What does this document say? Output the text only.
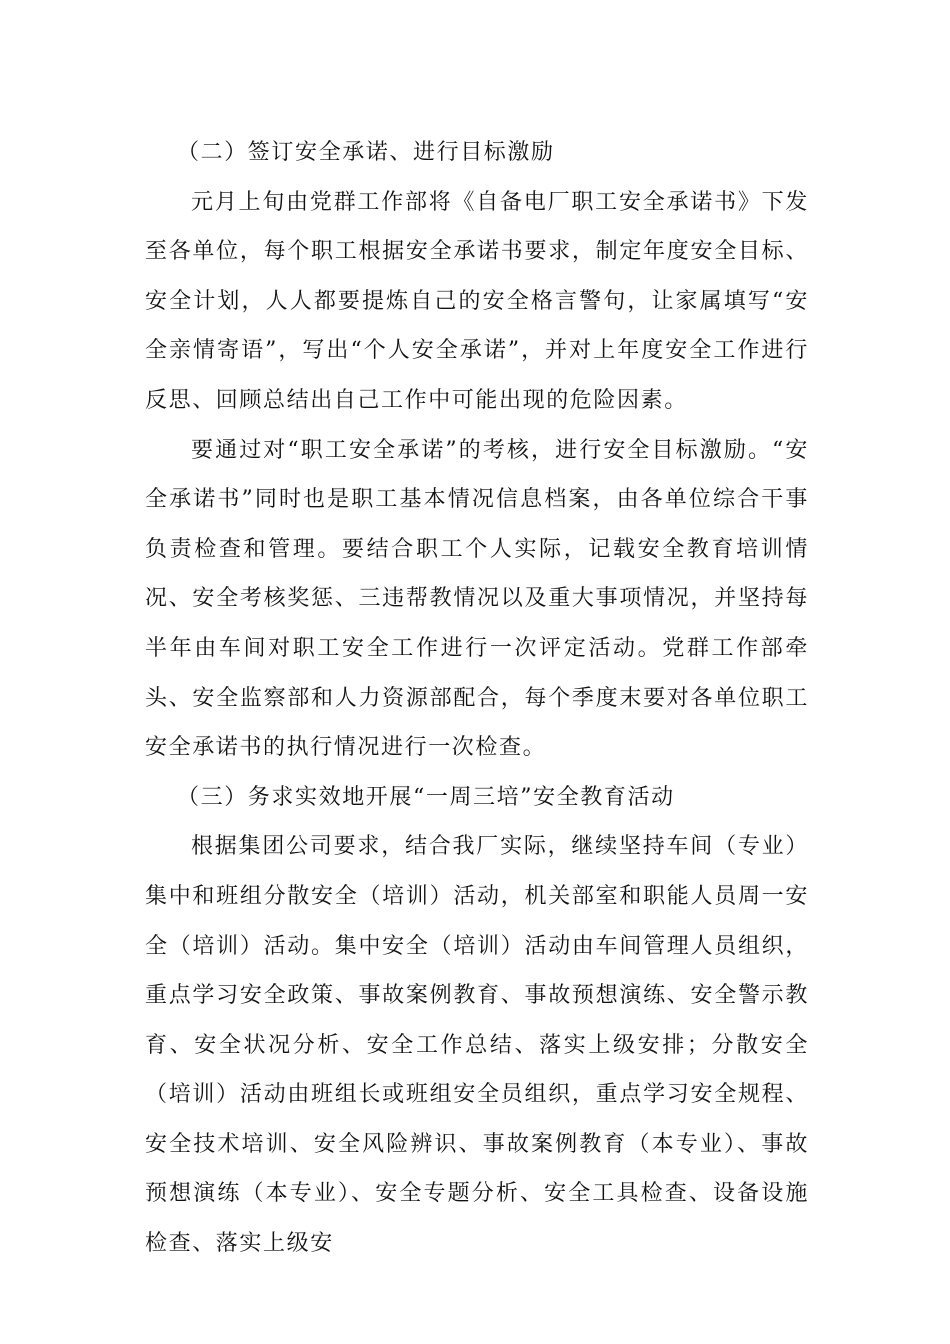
（二）签订安全承诺、进行目标激励

元月上旬由党群工作部将《自备电厂职工安全承诺书》下发至各单位，每个职工根据安全承诺书要求，制定年度安全目标、安全计划，人人都要提炼自己的安全格言警句，让家属填写“安全亲情寄语”，写出“个人安全承诺”，并对上年度安全工作进行反思、回顾总结出自己工作中可能出现的危险因素。

要通过对“职工安全承诺”的考核，进行安全目标激励。“安全承诺书”同时也是职工基本情况信息档案，由各单位综合干事负责检查和管理。要结合职工个人实际，记载安全教育培训情况、安全考核奖惩、三违帮教情况以及重大事项情况，并坚持每半年由车间对职工安全工作进行一次评定活动。党群工作部牵头、安全监察部和人力资源部配合，每个季度末要对各单位职工安全承诺书的执行情况进行一次检查。

（三）务求实效地开展“一周三培”安全教育活动

根据集团公司要求，结合我厂实际，继续坚持车间（专业）集中和班组分散安全（培训）活动，机关部室和职能人员周一安全（培训）活动。集中安全（培训）活动由车间管理人员组织，重点学习安全政策、事故案例教育、事故预想演练、安全警示教育、安全状况分析、安全工作总结、落实上级安排；分散安全（培训）活动由班组长或班组安全员组织，重点学习安全规程、安全技术培训、安全风险辨识、事故案例教育（本专业）、事故预想演练（本专业）、安全专题分析、安全工具检查、设备设施检查、落实上级安
